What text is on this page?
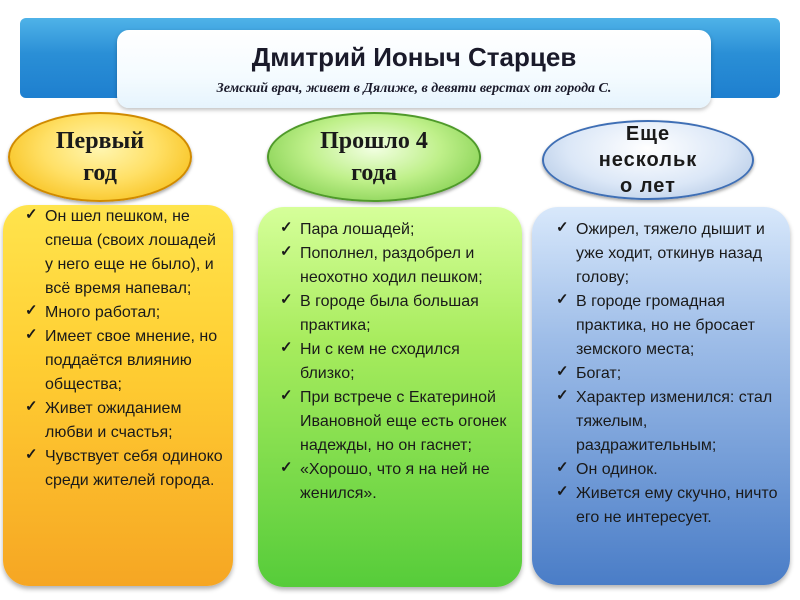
Дмитрий Ионыч Старцев
Земский врач, живет в Дялиже, в девяти верстах от города С.
Первый
год
Прошло 4
года
Еще
нескольк
о лет
✓ Он шел пешком, не спеша (своих лошадей у него еще не было), и всё время напевал;
✓ Много работал;
✓ Имеет свое мнение, но поддаётся влиянию общества;
✓ Живет ожиданием любви и счастья;
✓ Чувствует себя одиноко среди жителей города.
✓ Пара лошадей;
✓ Пополнел, раздобрел и неохотно ходил пешком;
✓ В городе была большая практика;
✓ Ни с кем не сходился близко;
✓ При встрече с Екатериной Ивановной еще есть огонек надежды, но он гаснет;
✓ «Хорошо, что я на ней не женился».
✓ Ожирел, тяжело дышит и уже ходит, откинув назад голову;
✓ В городе громадная практика, но не бросает земского места;
✓ Богат;
✓ Характер изменился: стал тяжелым, раздражительным;
✓ Он одинок.
✓ Живется ему скучно, ничто его не интересует.
